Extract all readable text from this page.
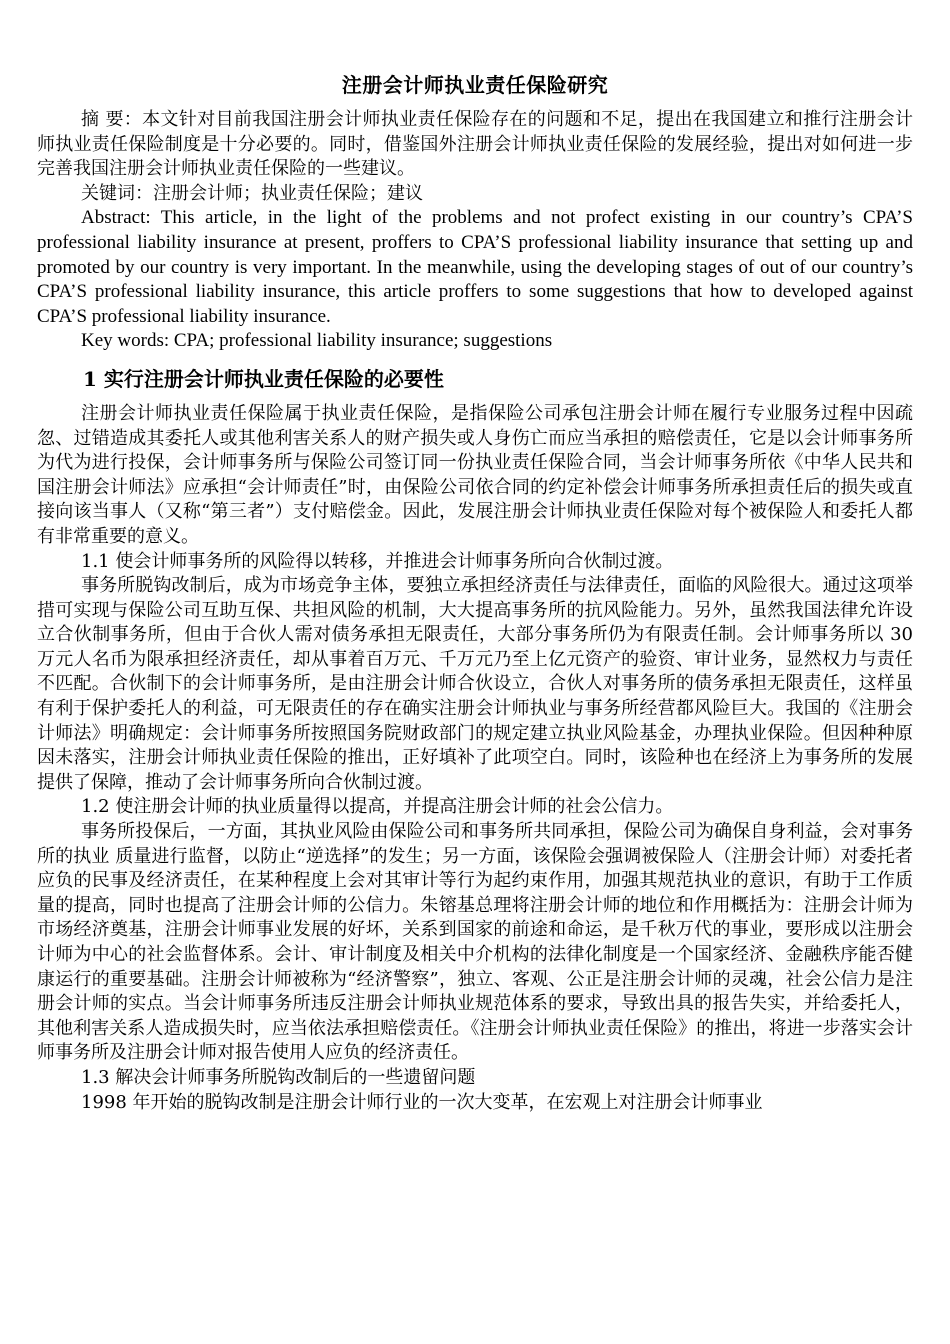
注册会计师执业责任保险研究

摘 要：本文针对目前我国注册会计师执业责任保险存在的问题和不足，提出在我国建立和推行注册会计师执业责任保险制度是十分必要的。同时，借鉴国外注册会计师执业责任保险的发展经验，提出对如何进一步完善我国注册会计师执业责任保险的一些建议。

关键词：注册会计师；执业责任保险；建议

Abstract: This article, in the light of the problems and not profect existing in our country’s CPA’S professional liability insurance at present, proffers to CPA’S professional liability insurance that setting up and promoted by our country is very important. In the meanwhile, using the developing stages of out of our country’s CPA’S professional liability insurance, this article proffers to some suggestions that how to developed against CPA’S professional liability insurance.

Key words: CPA; professional liability insurance; suggestions

1 实行注册会计师执业责任保险的必要性

注册会计师执业责任保险属于执业责任保险，是指保险公司承包注册会计师在履行专业服务过程中因疏忽、过错造成其委托人或其他利害关系人的财产损失或人身伤亡而应当承担的赔偿责任，它是以会计师事务所为代为进行投保，会计师事务所与保险公司签订同一份执业责任保险合同，当会计师事务所依《中华人民共和国注册会计师法》应承担“会计师责任”时，由保险公司依合同的约定补偿会计师事务所承担责任后的损失或直接向该当事人（又称“第三者”）支付赔偿金。因此，发展注册会计师执业责任保险对每个被保险人和委托人都有非常重要的意义。

1.1 使会计师事务所的风险得以转移，并推进会计师事务所向合伙制过渡。

事务所脱钩改制后，成为市场竞争主体，要独立承担经济责任与法律责任，面临的风险很大。通过这项举措可实现与保险公司互助互保、共担风险的机制，大大提高事务所的抗风险能力。另外，虽然我国法律允许设立合伙制事务所，但由于合伙人需对债务承担无限责任，大部分事务所仍为有限责任制。会计师事务所以 30 万元人名币为限承担经济责任，却从事着百万元、千万元乃至上亿元资产的验资、审计业务，显然权力与责任不匹配。合伙制下的会计师事务所，是由注册会计师合伙设立，合伙人对事务所的债务承担无限责任，这样虽有利于保护委托人的利益，可无限责任的存在确实注册会计师执业与事务所经营都风险巨大。我国的《注册会计师法》明确规定：会计师事务所按照国务院财政部门的规定建立执业风险基金，办理执业保险。但因种种原因未落实，注册会计师执业责任保险的推出，正好填补了此项空白。同时，该险种也在经济上为事务所的发展提供了保障，推动了会计师事务所向合伙制过渡。

1.2 使注册会计师的执业质量得以提高，并提高注册会计师的社会公信力。

事务所投保后，一方面，其执业风险由保险公司和事务所共同承担，保险公司为确保自身利益，会对事务所的执业 质量进行监督，以防止“逆选择”的发生；另一方面，该保险会强调被保险人（注册会计师）对委托者应负的民事及经济责任，在某种程度上会对其审计等行为起约束作用，加强其规范执业的意识，有助于工作质量的提高，同时也提高了注册会计师的公信力。朱镕基总理将注册会计师的地位和作用概括为：注册会计师为市场经济奠基，注册会计师事业发展的好坏，关系到国家的前途和命运，是千秋万代的事业，要形成以注册会计师为中心的社会监督体系。会计、审计制度及相关中介机构的法律化制度是一个国家经济、金融秩序能否健康运行的重要基础。注册会计师被称为“经济警察”，独立、客观、公正是注册会计师的灵魂，社会公信力是注册会计师的实点。当会计师事务所违反注册会计师执业规范体系的要求，导致出具的报告失实，并给委托人，其他利害关系人造成损失时，应当依法承担赔偿责任。《注册会计师执业责任保险》的推出，将进一步落实会计师事务所及注册会计师对报告使用人应负的经济责任。

1.3 解决会计师事务所脱钩改制后的一些遗留问题

1998 年开始的脱钩改制是注册会计师行业的一次大变革，在宏观上对注册会计师事业
